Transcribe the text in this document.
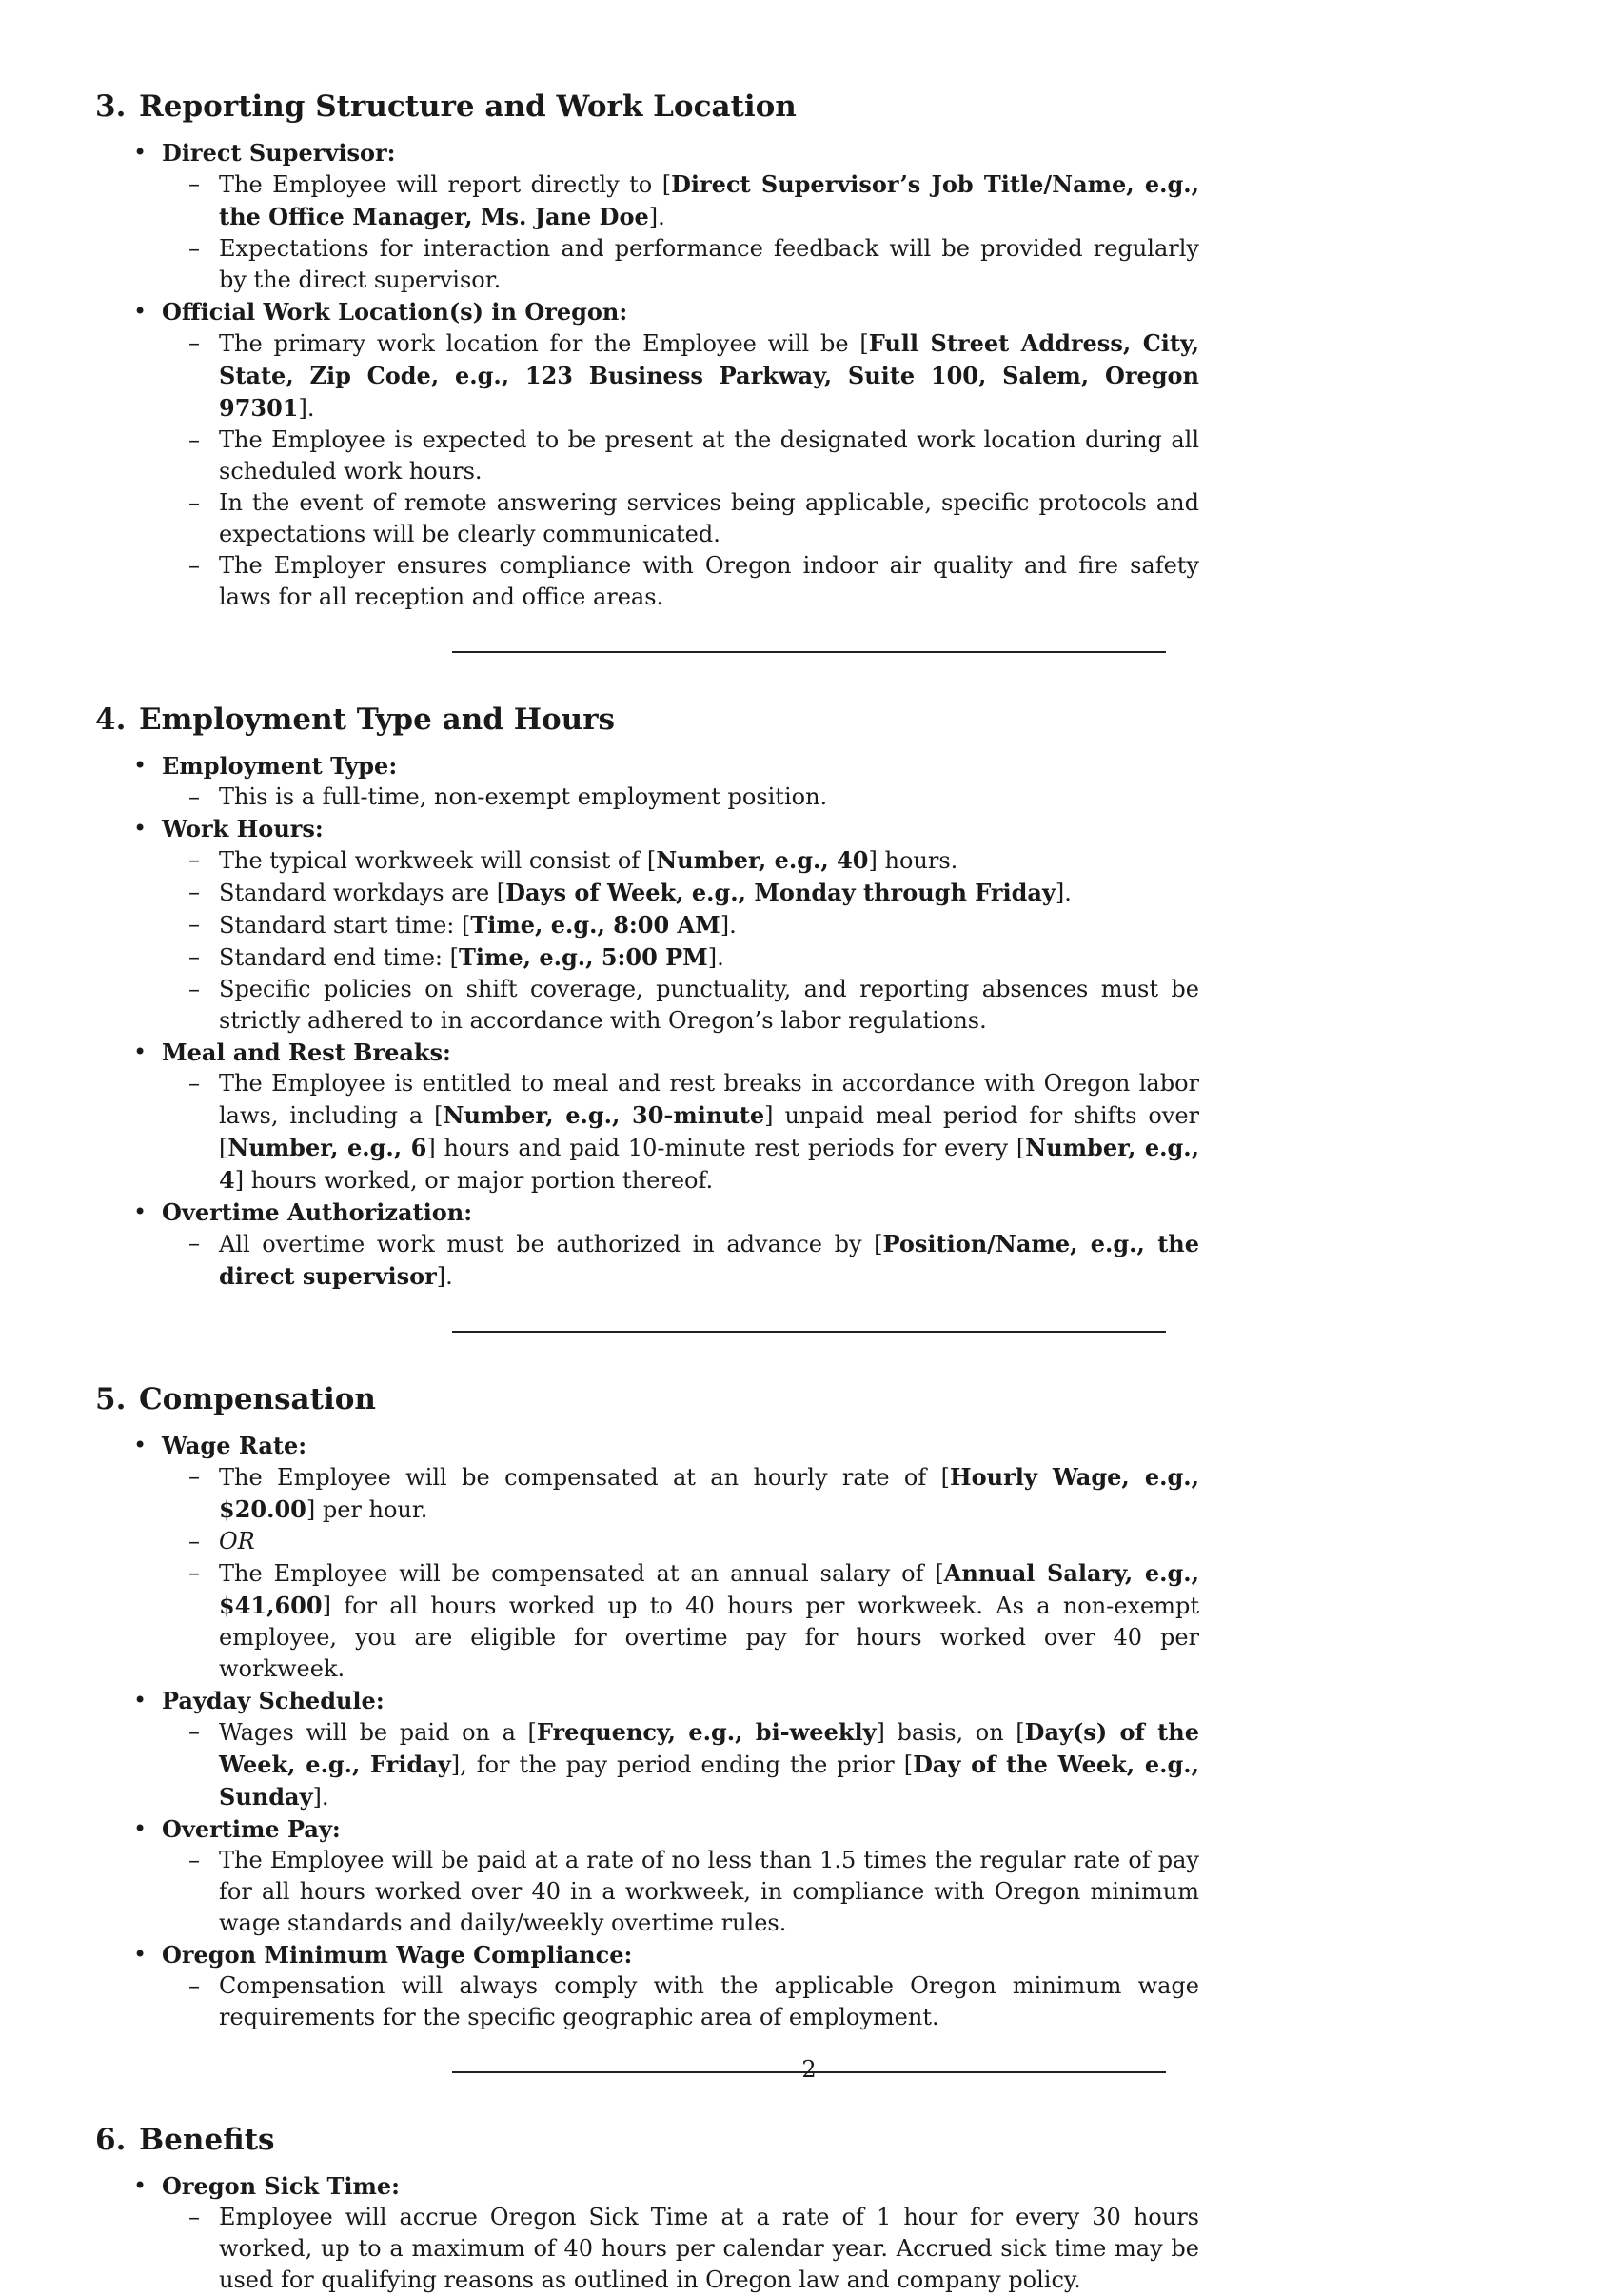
3. Reporting Structure and Work Location
• Direct Supervisor:
– The Employee will report directly to [Direct Supervisor’s Job Title/Name, e.g., the Office Manager, Ms. Jane Doe].
– Expectations for interaction and performance feedback will be provided regularly by the direct supervisor.
• Official Work Location(s) in Oregon:
– The primary work location for the Employee will be [Full Street Address, City, State, Zip Code, e.g., 123 Business Parkway, Suite 100, Salem, Oregon 97301].
– The Employee is expected to be present at the designated work location during all scheduled work hours.
– In the event of remote answering services being applicable, specific protocols and expectations will be clearly communicated.
– The Employer ensures compliance with Oregon indoor air quality and fire safety laws for all reception and office areas.
4. Employment Type and Hours
• Employment Type:
– This is a full-time, non-exempt employment position.
• Work Hours:
– The typical workweek will consist of [Number, e.g., 40] hours.
– Standard workdays are [Days of Week, e.g., Monday through Friday].
– Standard start time: [Time, e.g., 8:00 AM].
– Standard end time: [Time, e.g., 5:00 PM].
– Specific policies on shift coverage, punctuality, and reporting absences must be strictly adhered to in accordance with Oregon’s labor regulations.
• Meal and Rest Breaks:
– The Employee is entitled to meal and rest breaks in accordance with Oregon labor laws, including a [Number, e.g., 30-minute] unpaid meal period for shifts over [Number, e.g., 6] hours and paid 10-minute rest periods for every [Number, e.g., 4] hours worked, or major portion thereof.
• Overtime Authorization:
– All overtime work must be authorized in advance by [Position/Name, e.g., the direct supervisor].
5. Compensation
• Wage Rate:
– The Employee will be compensated at an hourly rate of [Hourly Wage, e.g., $20.00] per hour.
– OR
– The Employee will be compensated at an annual salary of [Annual Salary, e.g., $41,600] for all hours worked up to 40 hours per workweek. As a non-exempt employee, you are eligible for overtime pay for hours worked over 40 per workweek.
• Payday Schedule:
– Wages will be paid on a [Frequency, e.g., bi-weekly] basis, on [Day(s) of the Week, e.g., Friday], for the pay period ending the prior [Day of the Week, e.g., Sunday].
• Overtime Pay:
– The Employee will be paid at a rate of no less than 1.5 times the regular rate of pay for all hours worked over 40 in a workweek, in compliance with Oregon minimum wage standards and daily/weekly overtime rules.
• Oregon Minimum Wage Compliance:
– Compensation will always comply with the applicable Oregon minimum wage requirements for the specific geographic area of employment.
6. Benefits
• Oregon Sick Time:
– Employee will accrue Oregon Sick Time at a rate of 1 hour for every 30 hours worked, up to a maximum of 40 hours per calendar year. Accrued sick time may be used for qualifying reasons as outlined in Oregon law and company policy.
2
